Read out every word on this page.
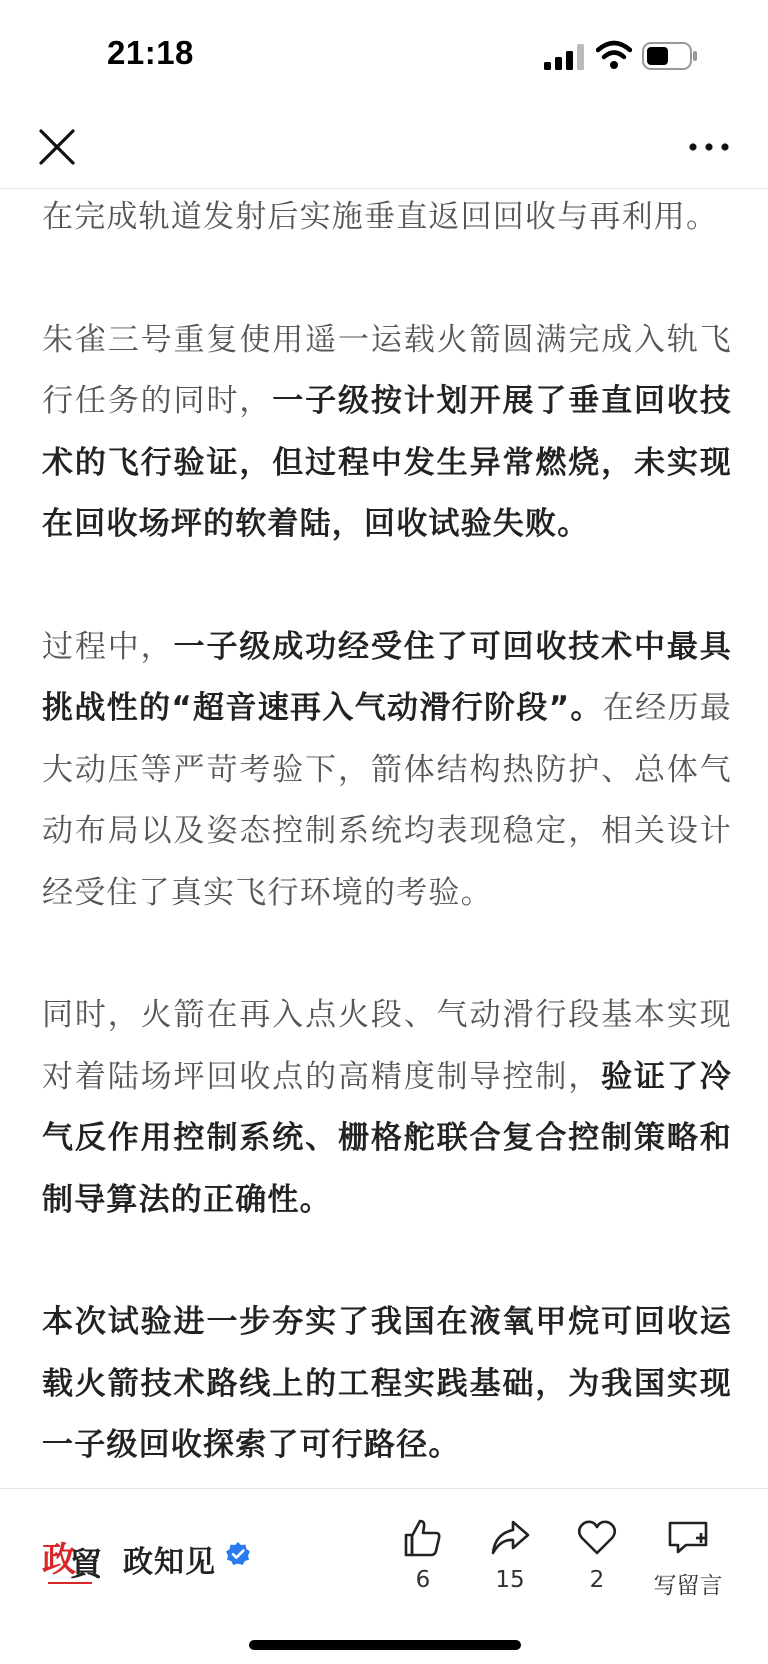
21:18

在完成轨道发射后实施垂直返回回收与再利用。

朱雀三号重复使用遥一运载火箭圆满完成入轨飞行任务的同时，一子级按计划开展了垂直回收技术的飞行验证，但过程中发生异常燃烧，未实现在回收场坪的软着陆，回收试验失败。

过程中，一子级成功经受住了可回收技术中最具挑战性的“超音速再入气动滑行阶段”。在经历最大动压等严苛考验下，箭体结构热防护、总体气动布局以及姿态控制系统均表现稳定，相关设计经受住了真实飞行环境的考验。

同时，火箭在再入点火段、气动滑行段基本实现对着陆场坪回收点的高精度制导控制，验证了冷气反作用控制系统、栅格舵联合复合控制策略和制导算法的正确性。

本次试验进一步夯实了我国在液氧甲烷可回收运载火箭技术路线上的工程实践基础，为我国实现一子级回收探索了可行路径。

政
貿 政知见	6	15	2	写留言
